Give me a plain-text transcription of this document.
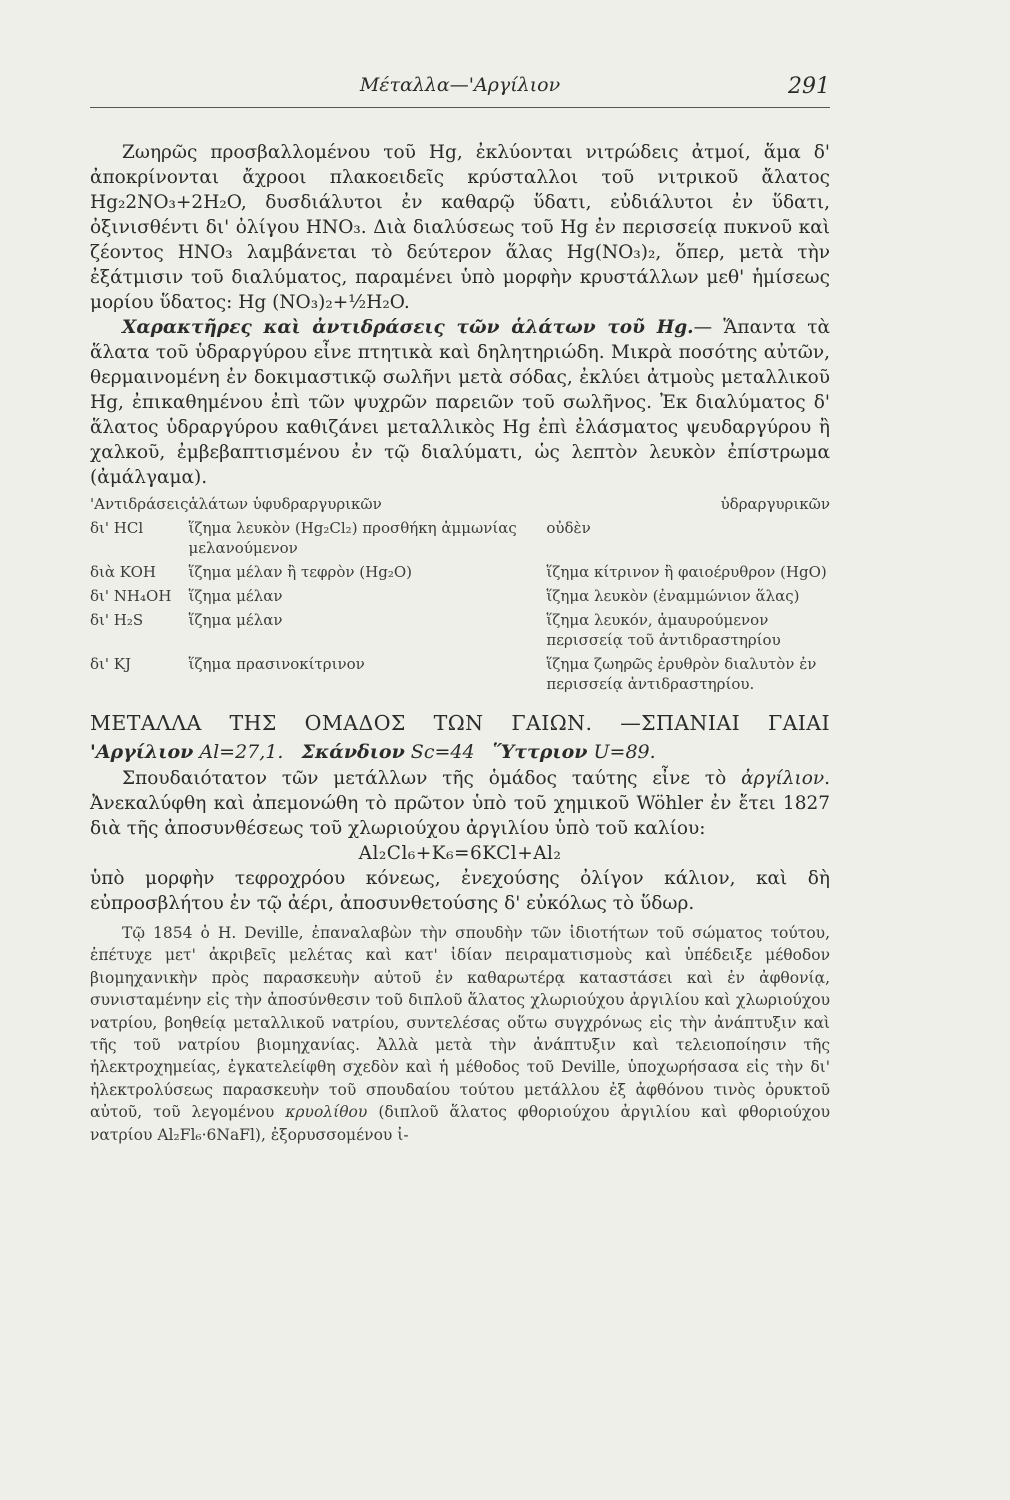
Μέταλλα—'Αργίλιον	291

Ζωηρῶς προσβαλλομένου τοῦ Hg, ἐκλύονται νιτρώδεις ἀτμοί, ἅμα δ' ἀποκρίνονται ἄχροοι πλακοειδεῖς κρύσταλλοι τοῦ νιτρικοῦ ἄλατος Hg₂2NO₃+2H₂O, δυσδιάλυτοι ἐν καθαρῷ ὕδατι, εὐδιάλυτοι ἐν ὕδατι, ὀξινισθέντι δι' ὀλίγου HNO₃. Διὰ διαλύσεως τοῦ Hg ἐν περισσείᾳ πυκνοῦ καὶ ζέοντος HNO₃ λαμβάνεται τὸ δεύτερον ἅλας Hg(NO₃)₂, ὅπερ, μετὰ τὴν ἐξάτμισιν τοῦ διαλύματος, παραμένει ὑπὸ μορφὴν κρυστάλλων μεθ' ἡμίσεως μορίου ὕδατος: Hg (NO₃)₂+½H₂O.

Χαρακτῆρες καὶ ἀντιδράσεις τῶν ἁλάτων τοῦ Hg.— Ἅπαντα τὰ ἅλατα τοῦ ὑδραργύρου εἶνε πτητικὰ καὶ δηλητηριώδη. Μικρὰ ποσότης αὐτῶν, θερμαινομένη ἐν δοκιμαστικῷ σωλῆνι μετὰ σόδας, ἐκλύει ἀτμοὺς μεταλλικοῦ Hg, ἐπικαθημένου ἐπὶ τῶν ψυχρῶν παρειῶν τοῦ σωλῆνος. Ἐκ διαλύματος δ' ἅλατος ὑδραργύρου καθιζάνει μεταλλικὸς Hg ἐπὶ ἐλάσματος ψευδαργύρου ἢ χαλκοῦ, ἐμβεβαπτισμένου ἐν τῷ διαλύματι, ὡς λεπτὸν λευκὸν ἐπίστρωμα (ἀμάλγαμα).

'Αντιδράσεις	ἁλάτων ὑφυδραργυρικῶν	ὑδραργυρικῶν
δι' HCl	ἵζημα λευκὸν (Hg₂Cl₂) προσθήκη ἀμμωνίας μελανούμενον	οὐδὲν
διὰ KOH	ἵζημα μέλαν ἢ τεφρὸν (Hg₂O)	ἵζημα κίτρινον ἢ φαιοέρυθρον (HgO)
δι' NH₄OH	ἵζημα μέλαν	ἵζημα λευκὸν (ἐναμμώνιον ἅλας)
δι' H₂S	ἵζημα μέλαν	ἵζημα λευκόν, ἀμαυρούμενον περισσείᾳ τοῦ ἀντιδραστηρίου
δι' KJ	ἵζημα πρασινοκίτρινον	ἵζημα ζωηρῶς ἐρυθρὸν διαλυτὸν ἐν περισσείᾳ ἀντιδραστηρίου.
ΜΕΤΑΛΛΑ ΤΗΣ ΟΜΑΔΟΣ ΤΩΝ ΓΑΙΩΝ. —ΣΠΑΝΙΑΙ ΓΑΙΑΙ
'Αργίλιον Al=27,1. Σκάνδιον Sc=44 Ὕττριον U=89.

Σπουδαιότατον τῶν μετάλλων τῆς ὁμάδος ταύτης εἶνε τὸ ἀργίλιον. Ἀνεκαλύφθη καὶ ἀπεμονώθη τὸ πρῶτον ὑπὸ τοῦ χημικοῦ Wöhler ἐν ἔτει 1827 διὰ τῆς ἀποσυνθέσεως τοῦ χλωριούχου ἀργιλίου ὑπὸ τοῦ καλίου:

Al₂Cl₆+K₆=6KCl+Al₂

ὑπὸ μορφὴν τεφροχρόου κόνεως, ἐνεχούσης ὀλίγον κάλιον, καὶ δὴ εὐπροσβλήτου ἐν τῷ ἀέρι, ἀποσυνθετούσης δ' εὐκόλως τὸ ὕδωρ.

Τῷ 1854 ὁ H. Deville, ἐπαναλαβὼν τὴν σπουδὴν τῶν ἰδιοτήτων τοῦ σώματος τούτου, ἐπέτυχε μετ' ἀκριβεῖς μελέτας καὶ κατ' ἰδίαν πειραματισμοὺς καὶ ὑπέδειξε μέθοδον βιομηχανικὴν πρὸς παρασκευὴν αὐτοῦ ἐν καθαρωτέρᾳ καταστάσει καὶ ἐν ἀφθονίᾳ, συνισταμένην εἰς τὴν ἀποσύνθεσιν τοῦ διπλοῦ ἅλατος χλωριούχου ἀργιλίου καὶ χλωριούχου νατρίου, βοηθείᾳ μεταλλικοῦ νατρίου, συντελέσας οὕτω συγχρόνως εἰς τὴν ἀνάπτυξιν καὶ τῆς τοῦ νατρίου βιομηχανίας. Ἀλλὰ μετὰ τὴν ἀνάπτυξιν καὶ τελειοποίησιν τῆς ἠλεκτροχημείας, ἐγκατελείφθη σχεδὸν καὶ ἡ μέθοδος τοῦ Deville, ὑποχωρήσασα εἰς τὴν δι' ἠλεκτρολύσεως παρασκευὴν τοῦ σπουδαίου τούτου μετάλλου ἐξ ἀφθόνου τινὸς ὀρυκτοῦ αὐτοῦ, τοῦ λεγομένου κρυολίθου (διπλοῦ ἅλατος φθοριούχου ἀργιλίου καὶ φθοριούχου νατρίου Al₂Fl₆·6NaFl), ἐξορυσσομένου ἰ-
